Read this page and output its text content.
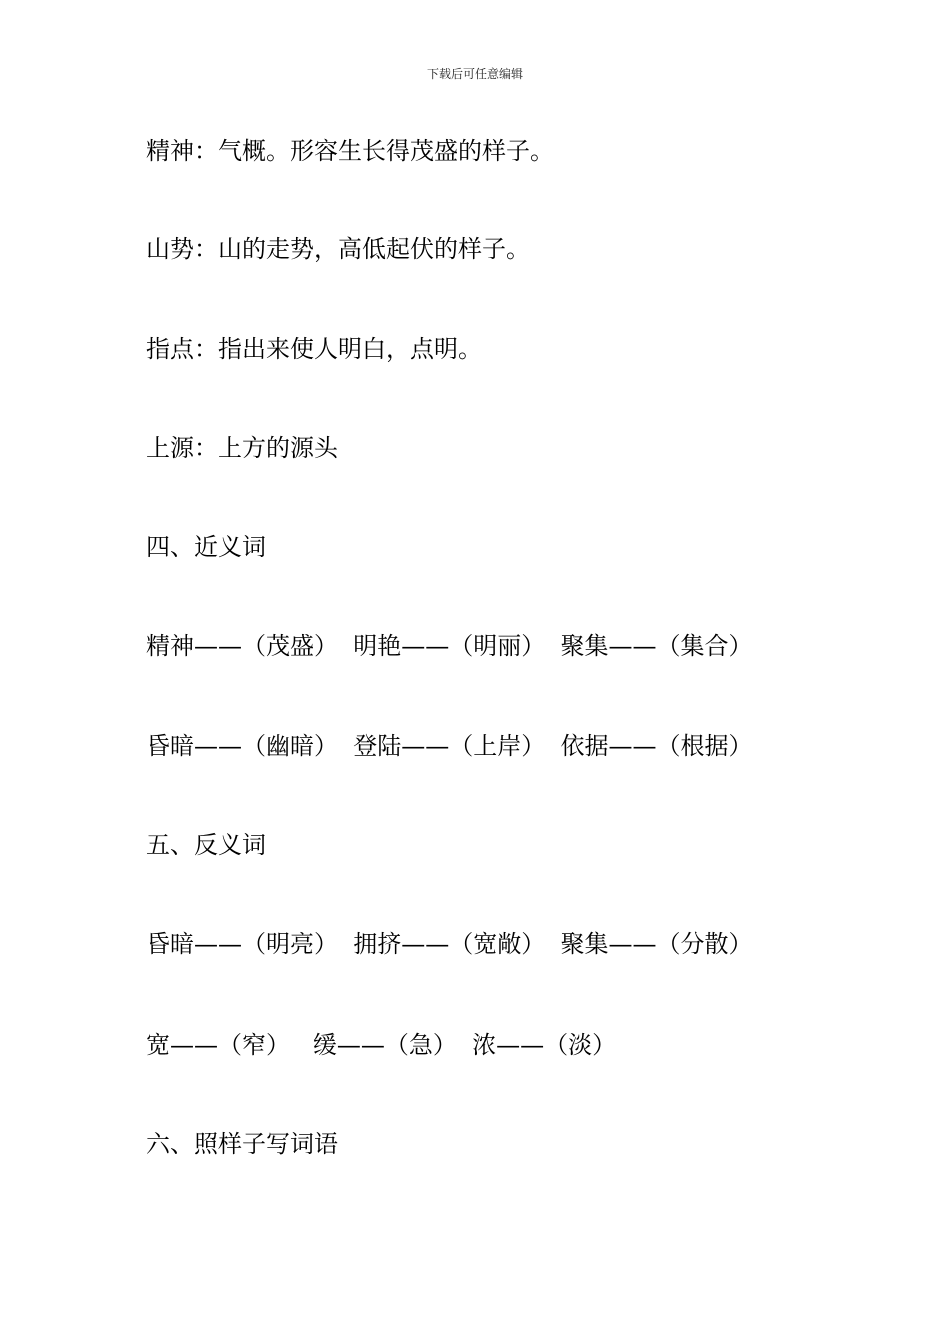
下载后可任意编辑
精神：气概。形容生长得茂盛的样子。
山势：山的走势，高低起伏的样子。
指点：指出来使人明白，点明。
上源：上方的源头
四、近义词
精神——（茂盛）  明艳——（明丽）  聚集——（集合）
昏暗——（幽暗）  登陆——（上岸）  依据——（根据）
五、反义词
昏暗——（明亮）  拥挤——（宽敞）  聚集——（分散）
宽——（窄）   缓——（急）  浓——（淡）
六、照样子写词语
